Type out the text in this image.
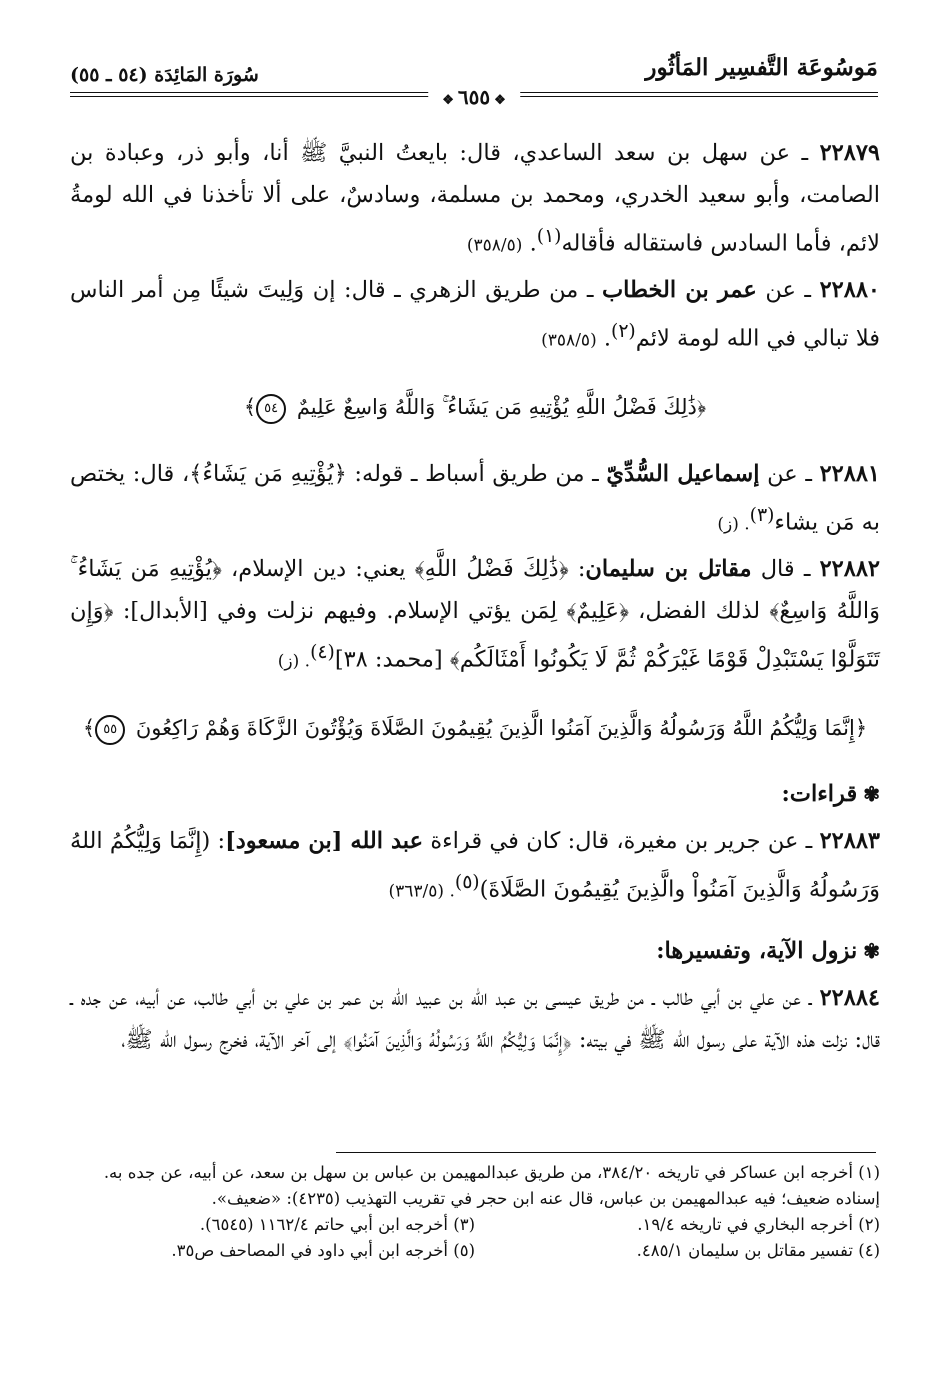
مَوسُوعَة التَّفسِير المَأثُور
سُورَة المَائِدَة (٥٤ ـ ٥٥)
❖٦٥٥❖

٢٢٨٧٩ ـ عن سهل بن سعد الساعدي، قال: بايعتُ النبيَّ ﷺ أنا، وأبو ذر، وعبادة بن الصامت، وأبو سعيد الخدري، ومحمد بن مسلمة، وسادسٌ، على ألا تأخذنا في الله لومةُ لائم، فأما السادس فاستقاله فأقاله$^{(١)}$. (٣٥٨/٥)

٢٢٨٨٠ ـ عن عمر بن الخطاب ـ من طريق الزهري ـ قال: إن وَلِيتَ شيئًا مِن أمر الناس فلا تبالي في الله لومة لائم$^{(٢)}$. (٣٥٨/٥)

﴿ذَٰلِكَ فَضْلُ اللَّهِ يُؤْتِيهِ مَن يَشَاءُ ۚ وَاللَّهُ وَاسِعٌ عَلِيمٌ ٥٤﴾

٢٢٨٨١ ـ عن إسماعيل السُّدِّيّ ـ من طريق أسباط ـ قوله: ﴿يُؤْتِيهِ مَن يَشَاءُ﴾، قال: يختص به مَن يشاء$^{(٣)}$. (ز)

٢٢٨٨٢ ـ قال مقاتل بن سليمان: ﴿ذَٰلِكَ فَضْلُ اللَّهِ﴾ يعني: دين الإسلام، ﴿يُؤْتِيهِ مَن يَشَاءُ ۚ وَاللَّهُ وَاسِعٌ﴾ لذلك الفضل، ﴿عَلِيمٌ﴾ لِمَن يؤتي الإسلام. وفيهم نزلت وفي [الأبدال]: ﴿وَإِن تَتَوَلَّوْا يَسْتَبْدِلْ قَوْمًا غَيْرَكُمْ ثُمَّ لَا يَكُونُوا أَمْثَالَكُم﴾ [محمد: ٣٨]$^{(٤)}$. (ز)

﴿إِنَّمَا وَلِيُّكُمُ اللَّهُ وَرَسُولُهُ وَالَّذِينَ آمَنُوا الَّذِينَ يُقِيمُونَ الصَّلَاةَ وَيُؤْتُونَ الزَّكَاةَ وَهُمْ رَاكِعُونَ ٥٥﴾
✾قراءات:

٢٢٨٨٣ ـ عن جرير بن مغيرة، قال: كان في قراءة عبد الله [بن مسعود]: (إِنَّمَا وَلِيُّكُمُ اللهُ وَرَسُولُهُ وَالَّذِينَ آمَنُواْ والَّذِينَ يُقِيمُونَ الصَّلَاةَ)$^{(٥)}$. (٣٦٣/٥)

✾نزول الآية، وتفسيرها:

٢٢٨٨٤ ـ عن علي بن أبي طالب ـ من طريق عيسى بن عبد الله بن عبيد الله بن عمر بن علي بن أبي طالب، عن أبيه، عن جده ـ قال: نزلت هذه الآية على رسول الله ﷺ في بيته: ﴿إِنَّمَا وَلِيُّكُمُ اللَّهُ وَرَسُولُهُ وَالَّذِينَ آمَنُوا﴾ إلى آخر الآية، فخرج رسول الله ﷺ،

(١) أخرجه ابن عساكر في تاريخه ٣٨٤/٢٠، من طريق عبدالمهيمن بن عباس بن سهل بن سعد، عن أبيه، عن جده به.

إسناده ضعيف؛ فيه عبدالمهيمن بن عباس، قال عنه ابن حجر في تقريب التهذيب (٤٢٣٥): «ضعيف».

(٢) أخرجه البخاري في تاريخه ١٩/٤.

(٣) أخرجه ابن أبي حاتم ١١٦٢/٤ (٦٥٤٥).

(٤) تفسير مقاتل بن سليمان ٤٨٥/١.

(٥) أخرجه ابن أبي داود في المصاحف ص٣٥.
